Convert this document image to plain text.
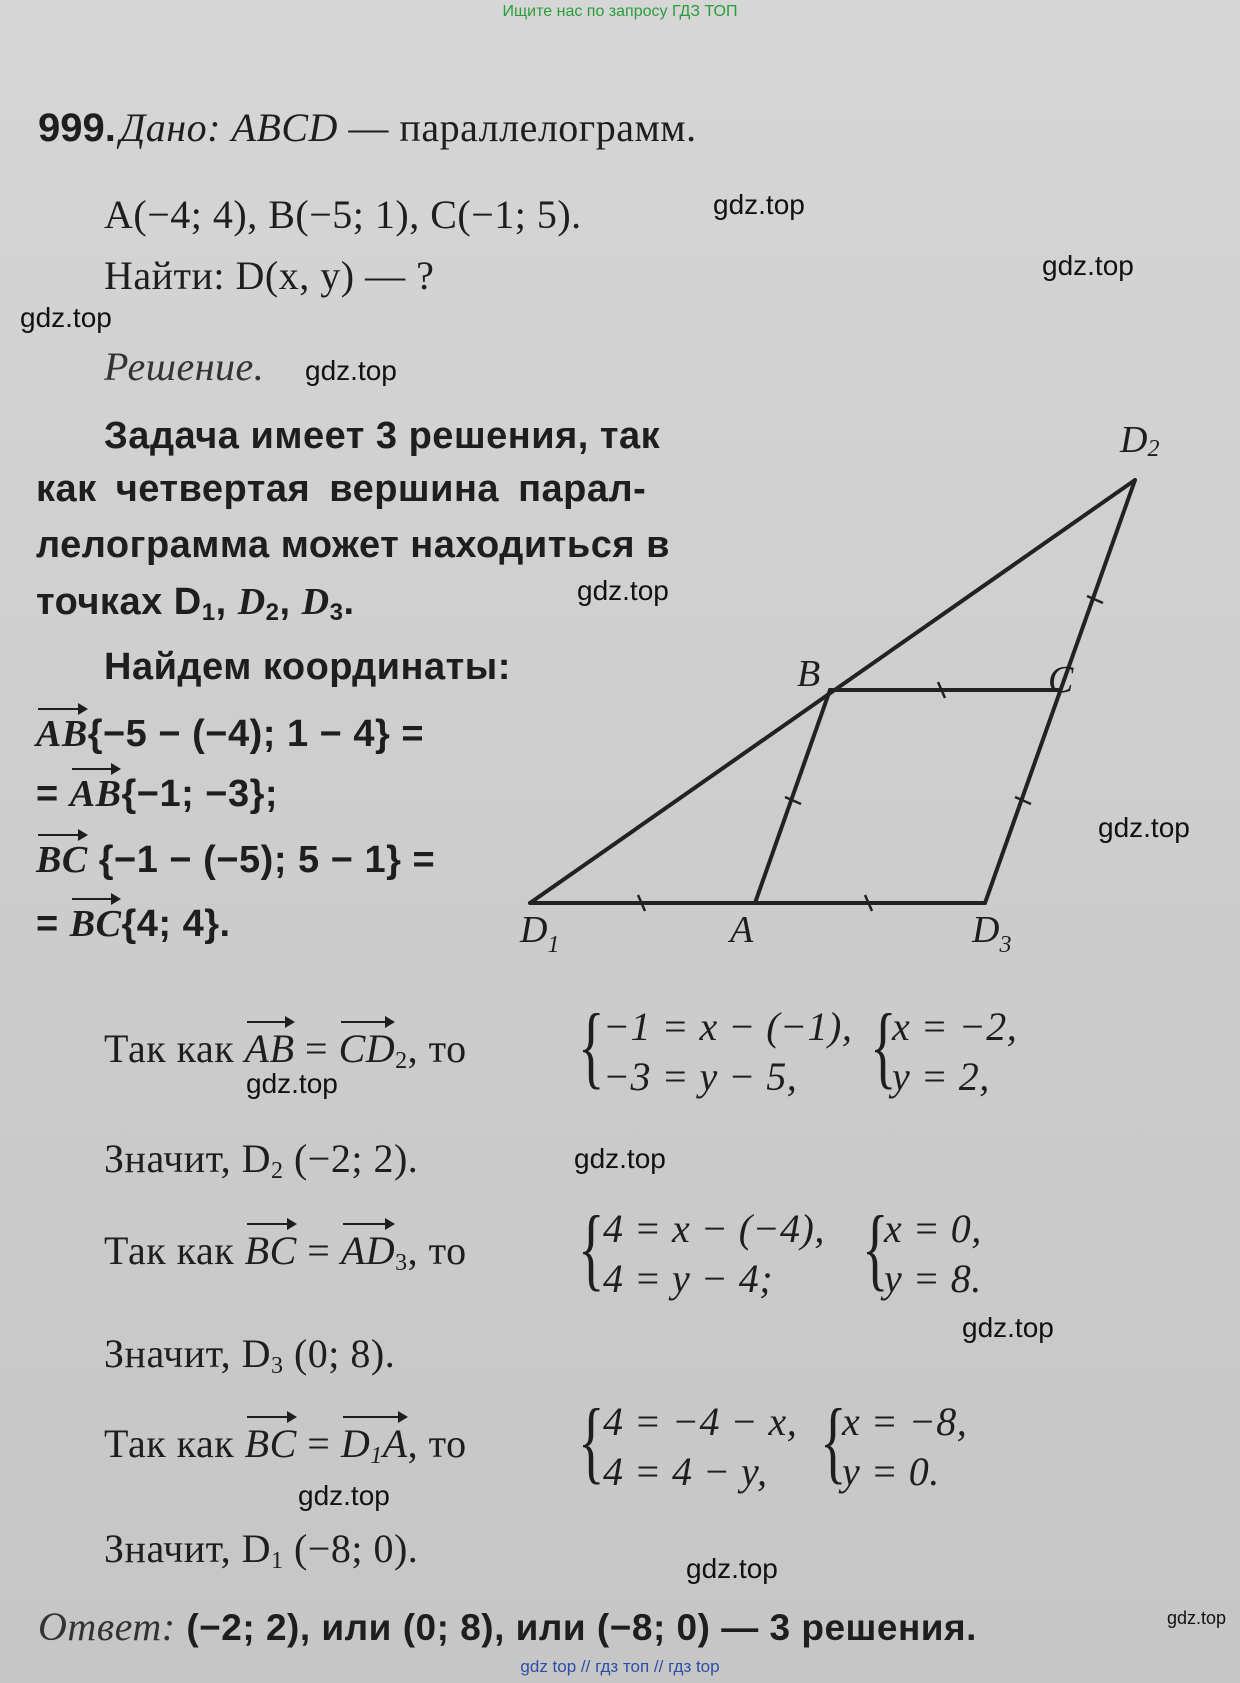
Ищите нас по запросу ГДЗ ТОП
999. Дано: ABCD — параллелограмм.
A(−4; 4), B(−5; 1), C(−1; 5).
Найти: D(x, y) — ?
Решение.
Задача имеет 3 решения, так
как четвертая вершина парал-
лелограмма может находиться в
точках $D_1$, $D_2$, $D_3$.
Найдем координаты:
AB{−5 − (−4); 1 − 4} =
= AB{−1; −3};
BC {−1 − (−5); 5 − 1} =
= BC{4; 4}.
Так как AB = $CD_2$, то {
−1 = x − (−1),
−3 = y − 5, {
x = −2,
y = 2,
Значит, $D_2$ (−2; 2).
Так как BC = $AD_3$, то {
4 = x − (−4),
4 = y − 4; {
x = 0,
y = 8.
Значит, $D_3$ (0; 8).
Так как BC = $D_1A$, то {
4 = −4 − x,
4 = 4 − y, {
x = −8,
y = 0.
Значит, $D_1$ (−8; 0).
Ответ: (−2; 2), или (0; 8), или (−8; 0) — 3 решения.
B	C
A
$D_1$
D2
$D_3$
gdz.top
gdz.top
gdz.top
gdz.top
gdz.top
gdz.top
gdz.top
gdz.top
gdz.top
gdz.top
gdz.top
gdz.top
gdz top // гдз топ // гдз top
